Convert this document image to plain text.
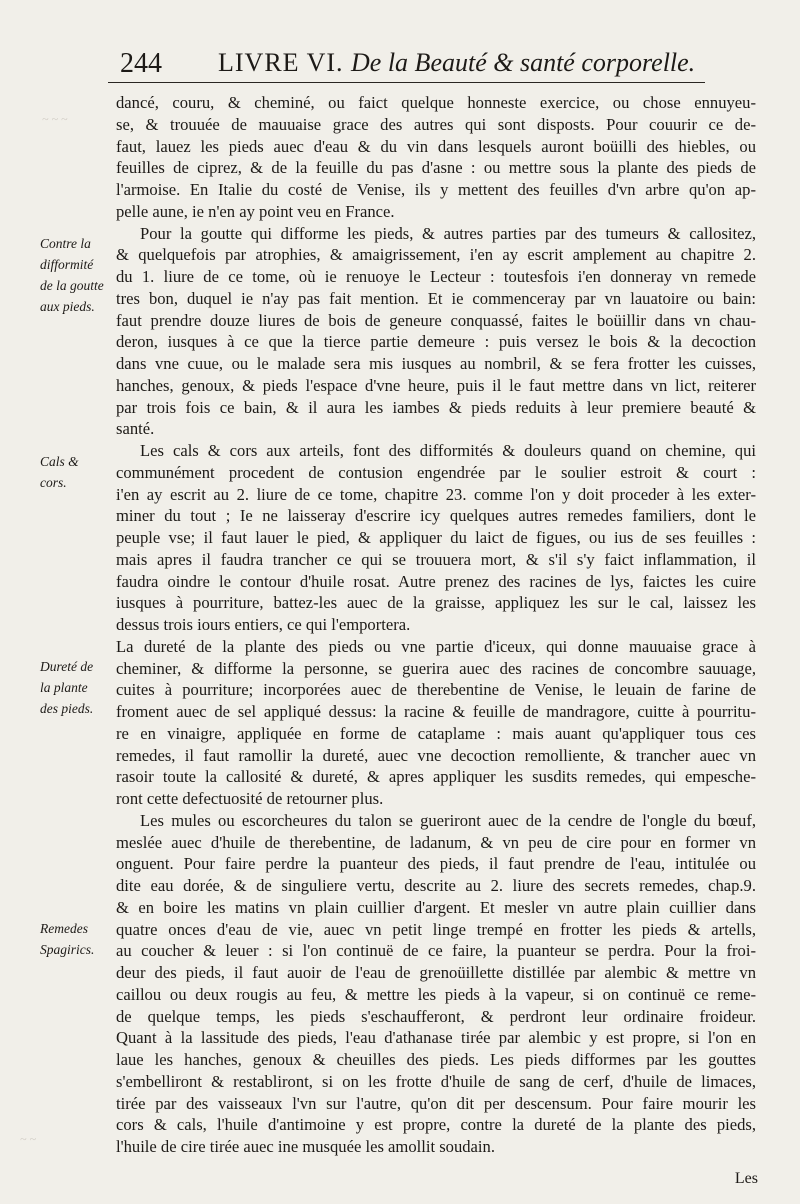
244 LIVRE VI. De la Beauté & santé corporelle.
Contre la
difformité
de la goutte
aux pieds.
Cals &
cors.
Dureté de
la plante
des pieds.
Remedes
Spagirics.
dancé, couru, & cheminé, ou faict quelque honneste exercice, ou chose ennuyeu-
se, & trouuée de mauuaise grace des autres qui sont disposts. Pour couurir ce de-
faut, lauez les pieds auec d'eau & du vin dans lesquels auront boüilli des hiebles, ou
feuilles de ciprez, & de la feuille du pas d'asne : ou mettre sous la plante des pieds de
l'armoise. En Italie du costé de Venise, ils y mettent des feuilles d'vn arbre qu'on ap-
pelle aune, ie n'en ay point veu en France.
Pour la goutte qui difforme les pieds, & autres parties par des tumeurs & callositez,
& quelquefois par atrophies, & amaigrissement, i'en ay escrit amplement au chapitre 2.
du 1. liure de ce tome, où ie renuoye le Lecteur : toutesfois i'en donneray vn remede
tres bon, duquel ie n'ay pas fait mention. Et ie commenceray par vn lauatoire ou bain:
faut prendre douze liures de bois de geneure conquassé, faites le boüillir dans vn chau-
deron, iusques à ce que la tierce partie demeure : puis versez le bois & la decoction
dans vne cuue, ou le malade sera mis iusques au nombril, & se fera frotter les cuisses,
hanches, genoux, & pieds l'espace d'vne heure, puis il le faut mettre dans vn lict, reiterer
par trois fois ce bain, & il aura les iambes & pieds reduits à leur premiere beauté &
santé.
Les cals & cors aux arteils, font des difformités & douleurs quand on chemine, qui
communément procedent de contusion engendrée par le soulier estroit & court :
i'en ay escrit au 2. liure de ce tome, chapitre 23. comme l'on y doit proceder à les exter-
miner du tout ; Ie ne laisseray d'escrire icy quelques autres remedes familiers, dont le
peuple vse; il faut lauer le pied, & appliquer du laict de figues, ou ius de ses feuilles :
mais apres il faudra trancher ce qui se trouuera mort, & s'il s'y faict inflammation, il
faudra oindre le contour d'huile rosat. Autre prenez des racines de lys, faictes les cuire
iusques à pourriture, battez-les auec de la graisse, appliquez les sur le cal, laissez les
dessus trois iours entiers, ce qui l'emportera.
La dureté de la plante des pieds ou vne partie d'iceux, qui donne mauuaise grace à
cheminer, & difforme la personne, se guerira auec des racines de concombre sauuage,
cuites à pourriture; incorporées auec de therebentine de Venise, le leuain de farine de
froment auec de sel appliqué dessus: la racine & feuille de mandragore, cuitte à pourritu-
re en vinaigre, appliquée en forme de cataplame : mais auant qu'appliquer tous ces
remedes, il faut ramollir la dureté, auec vne decoction remolliente, & trancher auec vn
rasoir toute la callosité & dureté, & apres appliquer les susdits remedes, qui empesche-
ront cette defectuosité de retourner plus.
Les mules ou escorcheures du talon se gueriront auec de la cendre de l'ongle du bœuf,
meslée auec d'huile de therebentine, de ladanum, & vn peu de cire pour en former vn
onguent. Pour faire perdre la puanteur des pieds, il faut prendre de l'eau, intitulée ou
dite eau dorée, & de singuliere vertu, descrite au 2. liure des secrets remedes, chap.9.
& en boire les matins vn plain cuillier d'argent. Et mesler vn autre plain cuillier dans
quatre onces d'eau de vie, auec vn petit linge trempé en frotter les pieds & artells,
au coucher & leuer : si l'on continuë de ce faire, la puanteur se perdra. Pour la froi-
deur des pieds, il faut auoir de l'eau de grenoüillette distillée par alembic & mettre vn
caillou ou deux rougis au feu, & mettre les pieds à la vapeur, si on continuë ce reme-
de quelque temps, les pieds s'eschaufferont, & perdront leur ordinaire froideur.
Quant à la lassitude des pieds, l'eau d'athanase tirée par alembic y est propre, si l'on en
laue les hanches, genoux & cheuilles des pieds. Les pieds difformes par les gouttes
s'embelliront & restabliront, si on les frotte d'huile de sang de cerf, d'huile de limaces,
tirée par des vaisseaux l'vn sur l'autre, qu'on dit per descensum. Pour faire mourir les
cors & cals, l'huile d'antimoine y est propre, contre la dureté de la plante des pieds,
l'huile de cire tirée auec ine musquée les amollit soudain.
Les
~ ~ ~
~ ~
